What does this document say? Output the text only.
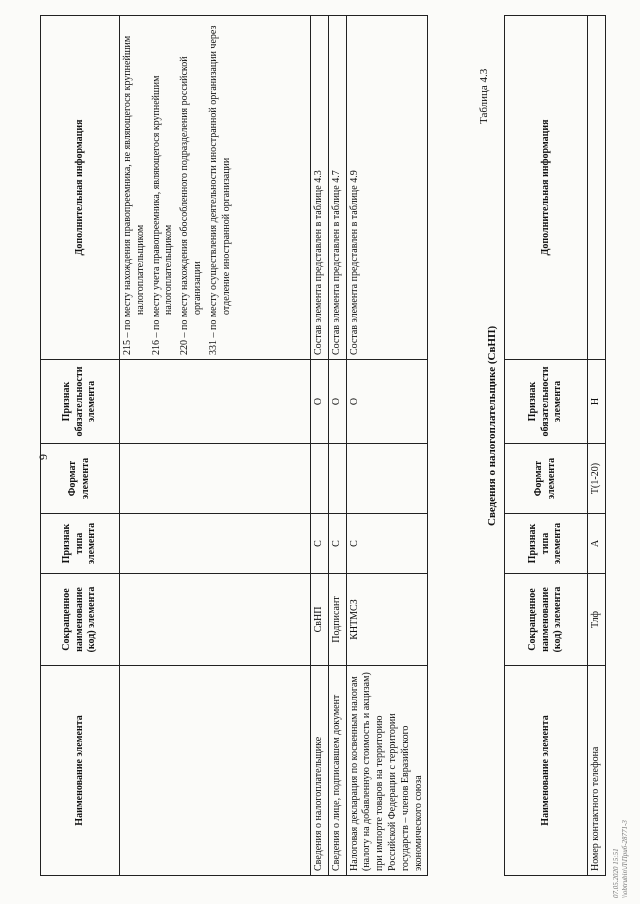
9
Наименование элемента	Сокращенное наименование (код) элемента	Признак типа элемента	Формат элемента	Признак обязательности элемента	Дополнительная информация

					215 – по месту нахождения правопреемника, не являющегося крупнейшим налогоплательщиком 216 – по месту учета правопреемника, являющегося крупнейшим налогоплательщиком 220 – по месту нахождения обособленного подразделения российской организации 331 – по месту осуществления деятельности иностранной организации через отделение иностранной организации

Сведения о налогоплательщике	СвНП	С		О	Состав элемента представлен в таблице 4.3
Сведения о лице, подписавшем документ	Подписант	С		О	Состав элемента представлен в таблице 4.7
Налоговая декларация по косвенным налогам (налогу на добавленную стоимость и акцизам) при импорте товаров на территорию Российской Федерации с территории государств – членов Евразийского экономического союза	КНТМСЗ	С		О	Состав элемента представлен в таблице 4.9
Таблица 4.3
Сведения о налогоплательщике (СвНП)
Наименование элемента	Сокращенное наименование (код) элемента	Признак типа элемента	Формат элемента	Признак обязательности элемента	Дополнительная информация
Номер контактного телефона	Тлф	А	T(1-20)	Н	
07.05.2020 15:51 \\obtrubin\Л\Приб-28771-3
